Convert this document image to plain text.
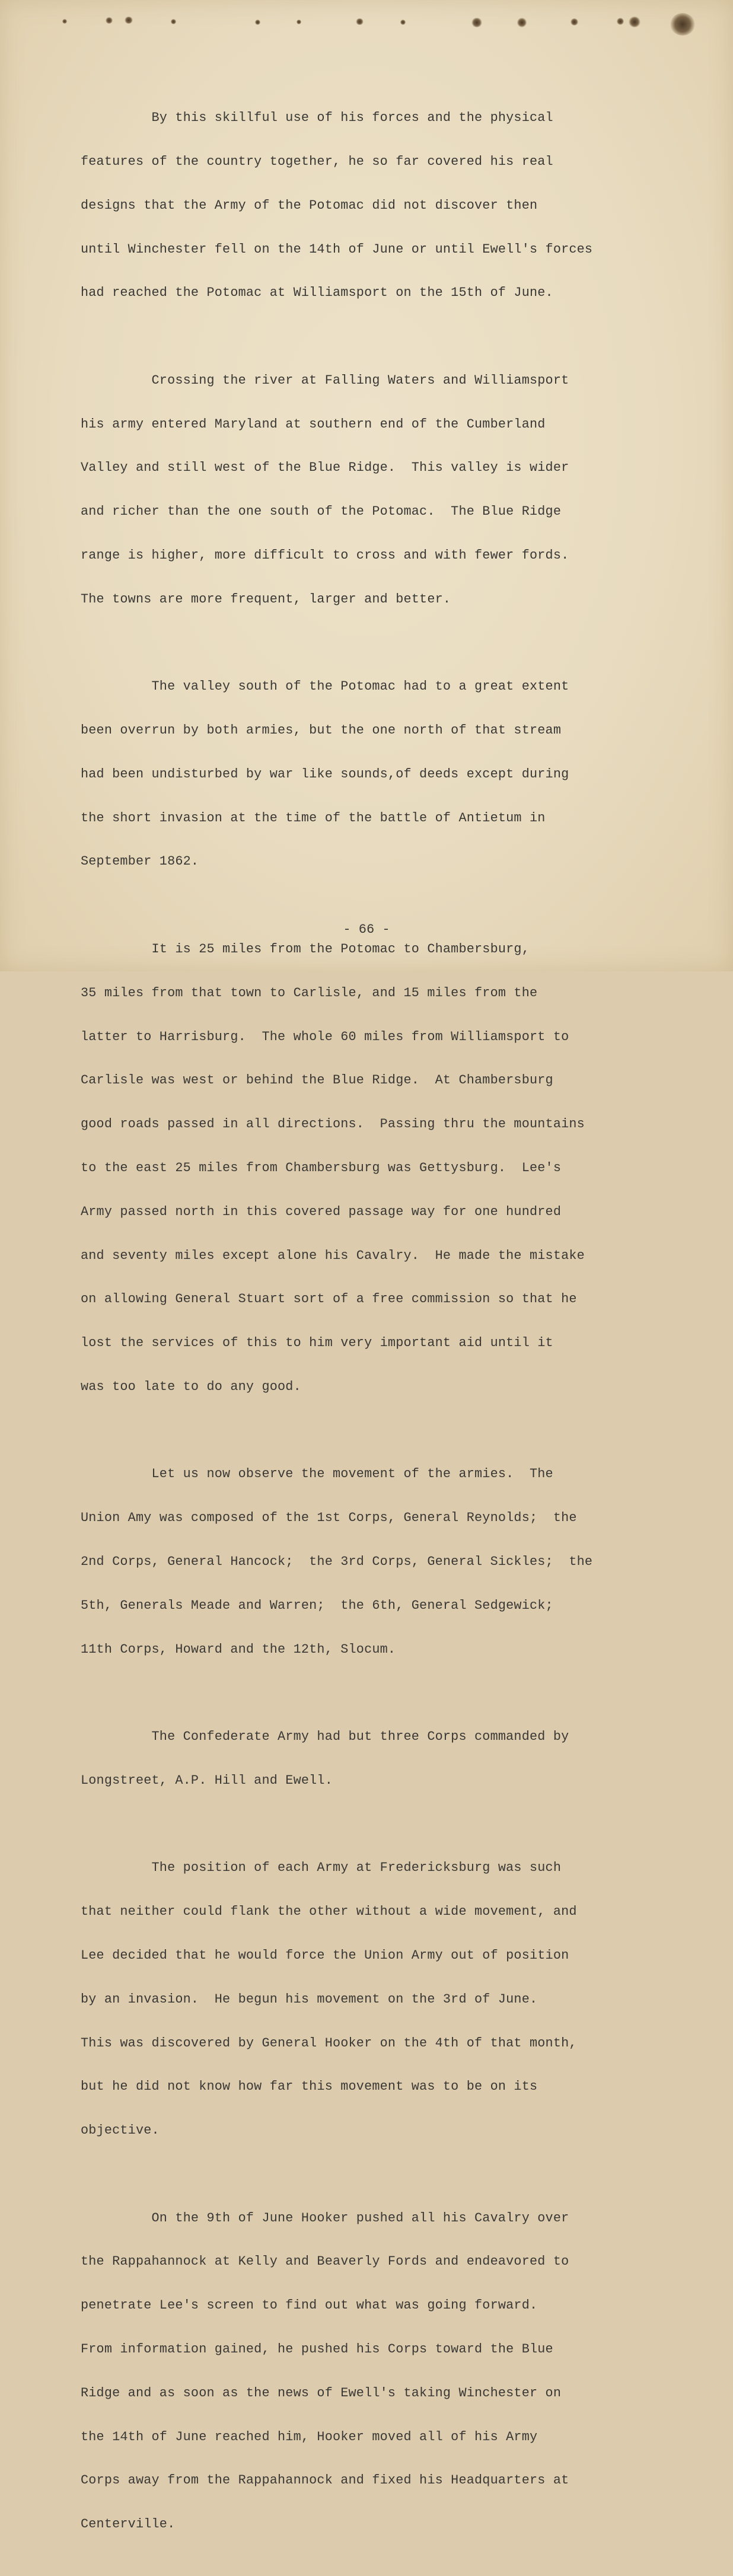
By this skillful use of his forces and the physical

features of the country together, he so far covered his real

designs that the Army of the Potomac did not discover then

until Winchester fell on the 14th of June or until Ewell's forces

had reached the Potomac at Williamsport on the 15th of June.

Crossing the river at Falling Waters and Williamsport

his army entered Maryland at southern end of the Cumberland

Valley and still west of the Blue Ridge.  This valley is wider

and richer than the one south of the Potomac.  The Blue Ridge

range is higher, more difficult to cross and with fewer fords.

The towns are more frequent, larger and better.

The valley south of the Potomac had to a great extent

been overrun by both armies, but the one north of that stream

had been undisturbed by war like sounds,of deeds except during

the short invasion at the time of the battle of Antietum in

September 1862.

It is 25 miles from the Potomac to Chambersburg,

35 miles from that town to Carlisle, and 15 miles from the

latter to Harrisburg.  The whole 60 miles from Williamsport to

Carlisle was west or behind the Blue Ridge.  At Chambersburg

good roads passed in all directions.  Passing thru the mountains

to the east 25 miles from Chambersburg was Gettysburg.  Lee's

Army passed north in this covered passage way for one hundred

and seventy miles except alone his Cavalry.  He made the mistake

on allowing General Stuart sort of a free commission so that he

lost the services of this to him very important aid until it

was too late to do any good.

Let us now observe the movement of the armies.  The

Union Amy was composed of the 1st Corps, General Reynolds;  the

2nd Corps, General Hancock;  the 3rd Corps, General Sickles;  the

5th, Generals Meade and Warren;  the 6th, General Sedgewick;

11th Corps, Howard and the 12th, Slocum.

The Confederate Army had but three Corps commanded by

Longstreet, A.P. Hill and Ewell.

The position of each Army at Fredericksburg was such

that neither could flank the other without a wide movement, and

Lee decided that he would force the Union Army out of position

by an invasion.  He begun his movement on the 3rd of June.

This was discovered by General Hooker on the 4th of that month,

but he did not know how far this movement was to be on its

objective.

On the 9th of June Hooker pushed all his Cavalry over

the Rappahannock at Kelly and Beaverly Fords and endeavored to

penetrate Lee's screen to find out what was going forward.

From information gained, he pushed his Corps toward the Blue

Ridge and as soon as the news of Ewell's taking Winchester on

the 14th of June reached him, Hooker moved all of his Army

Corps away from the Rappahannock and fixed his Headquarters at

Centerville.

- 66 -
